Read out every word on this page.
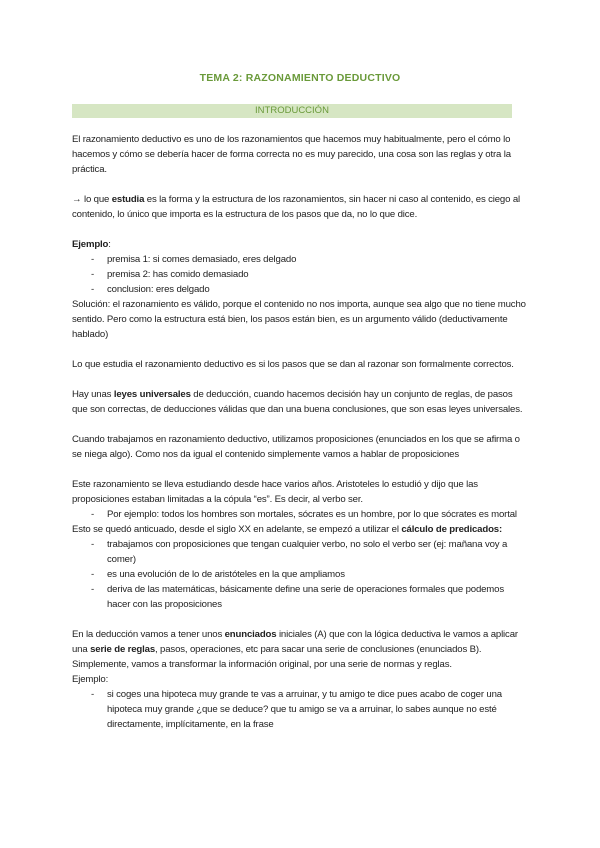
TEMA 2: RAZONAMIENTO DEDUCTIVO
INTRODUCCIÓN

El razonamiento deductivo es uno de los razonamientos que hacemos muy habitualmente, pero el cómo lo hacemos y cómo se debería hacer de forma correcta no es muy parecido, una cosa son las reglas y otra la práctica.

→ lo que estudia es la forma y la estructura de los razonamientos, sin hacer ni caso al contenido, es ciego al contenido, lo único que importa es la estructura de los pasos que da, no lo que dice.

Ejemplo:

- premisa 1: si comes demasiado, eres delgado
- premisa 2: has comido demasiado
- conclusion: eres delgado

Solución: el razonamiento es válido, porque el contenido no nos importa, aunque sea algo que no tiene mucho sentido. Pero como la estructura está bien, los pasos están bien, es un argumento válido (deductivamente hablado)

Lo que estudia el razonamiento deductivo es si los pasos que se dan al razonar son formalmente correctos.

Hay unas leyes universales de deducción, cuando hacemos decisión hay un conjunto de reglas, de pasos que son correctas, de deducciones válidas que dan una buena conclusiones, que son esas leyes universales.

Cuando trabajamos en razonamiento deductivo, utilizamos proposiciones (enunciados en los que se afirma o se niega algo). Como nos da igual el contenido simplemente vamos a hablar de proposiciones

Este razonamiento se lleva estudiando desde hace varios años. Aristoteles lo estudió y dijo que las proposiciones estaban limitadas a la cópula “es”. Es decir, al verbo ser.

- Por ejemplo: todos los hombres son mortales, sócrates es un hombre, por lo que sócrates es mortal

Esto se quedó anticuado, desde el siglo XX en adelante, se empezó a utilizar el cálculo de predicados:

- trabajamos con proposiciones que tengan cualquier verbo, no solo el verbo ser (ej: mañana voy a comer)
- es una evolución de lo de aristóteles en la que ampliamos
- deriva de las matemáticas, básicamente define una serie de operaciones formales que podemos hacer con las proposiciones

En la deducción vamos a tener unos enunciados iniciales (A) que con la lógica deductiva le vamos a aplicar una serie de reglas, pasos, operaciones, etc para sacar una serie de conclusiones (enunciados B).

Simplemente, vamos a transformar la información original, por una serie de normas y reglas.

Ejemplo:

- si coges una hipoteca muy grande te vas a arruinar, y tu amigo te dice pues acabo de coger una hipoteca muy grande ¿que se deduce? que tu amigo se va a arruinar, lo sabes aunque no esté directamente, implícitamente, en la frase
